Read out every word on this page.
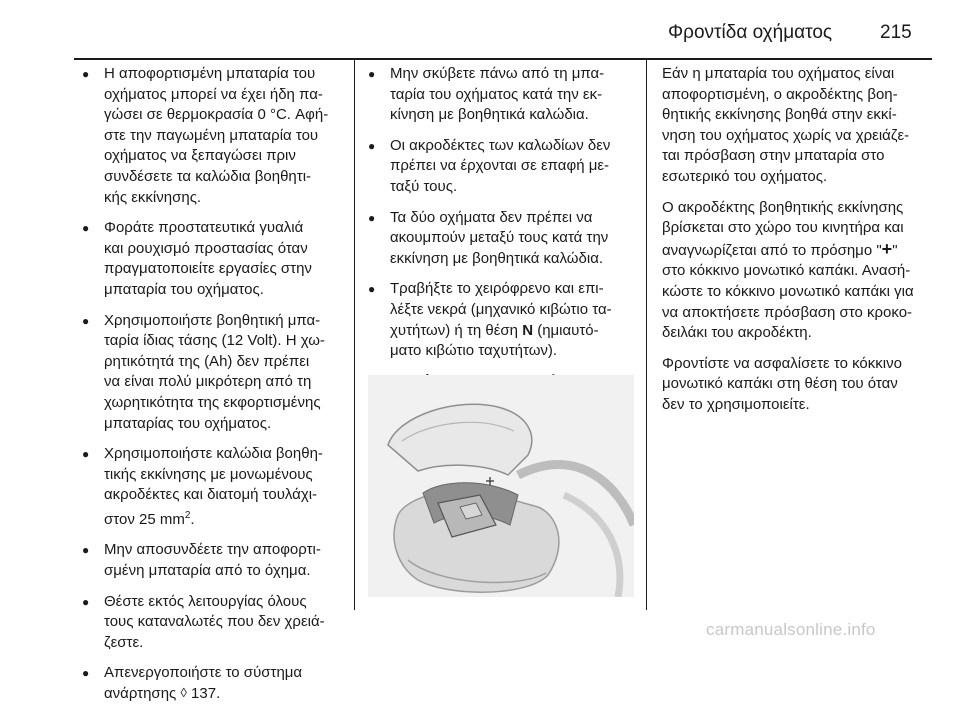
Φροντίδα οχήματος	215
● Η αποφορτισμένη μπαταρία του
οχήματος μπορεί να έχει ήδη πα-
γώσει σε θερμοκρασία 0 °C. Αφή-
στε την παγωμένη μπαταρία του
οχήματος να ξεπαγώσει πριν
συνδέσετε τα καλώδια βοηθητι-
κής εκκίνησης.
● Φοράτε προστατευτικά γυαλιά
και ρουχισμό προστασίας όταν
πραγματοποιείτε εργασίες στην
μπαταρία του οχήματος.
● Χρησιμοποιήστε βοηθητική μπα-
ταρία ίδιας τάσης (12 Volt). Η χω-
ρητικότητά της (Ah) δεν πρέπει
να είναι πολύ μικρότερη από τη
χωρητικότητα της εκφορτισμένης
μπαταρίας του οχήματος.
● Χρησιμοποιήστε καλώδια βοηθη-
τικής εκκίνησης με μονωμένους
ακροδέκτες και διατομή τουλάχι-
στον 25 $mm^2$.
● Μην αποσυνδέετε την αποφορτι-
σμένη μπαταρία από το όχημα.
● Θέστε εκτός λειτουργίας όλους
τους καταναλωτές που δεν χρειά-
ζεστε.
● Απενεργοποιήστε το σύστημα
ανάρτησης ◊ 137.
● Μην σκύβετε πάνω από τη μπα-
ταρία του οχήματος κατά την εκ-
κίνηση με βοηθητικά καλώδια.
● Οι ακροδέκτες των καλωδίων δεν
πρέπει να έρχονται σε επαφή με-
ταξύ τους.
● Τα δύο οχήματα δεν πρέπει να
ακουμπούν μεταξύ τους κατά την
εκκίνηση με βοηθητικά καλώδια.
● Τραβήξτε το χειρόφρενο και επι-
λέξτε νεκρά (μηχανικό κιβώτιο τα-
χυτήτων) ή τη θέση N (ημιαυτό-
ματο κιβώτιο ταχυτήτων).

Εάν η μπαταρία του οχήματος είναι
αποφορτισμένη, ο ακροδέκτης βοη-
θητικής εκκίνησης βοηθά στην εκκί-
νηση του οχήματος χωρίς να χρειάζε-
ται πρόσβαση στην μπαταρία στο
εσωτερικό του οχήματος.

Ο ακροδέκτης βοηθητικής εκκίνησης
βρίσκεται στο χώρο του κινητήρα και
αναγνωρίζεται από το πρόσημο "+"
στο κόκκινο μονωτικό καπάκι. Ανασή-
κώστε το κόκκινο μονωτικό καπάκι για
να αποκτήσετε πρόσβαση στο κροκο-
δειλάκι του ακροδέκτη.

Φροντίστε να ασφαλίσετε το κόκκινο
μονωτικό καπάκι στη θέση του όταν
δεν το χρησιμοποιείτε.

carmanualsonline.info
